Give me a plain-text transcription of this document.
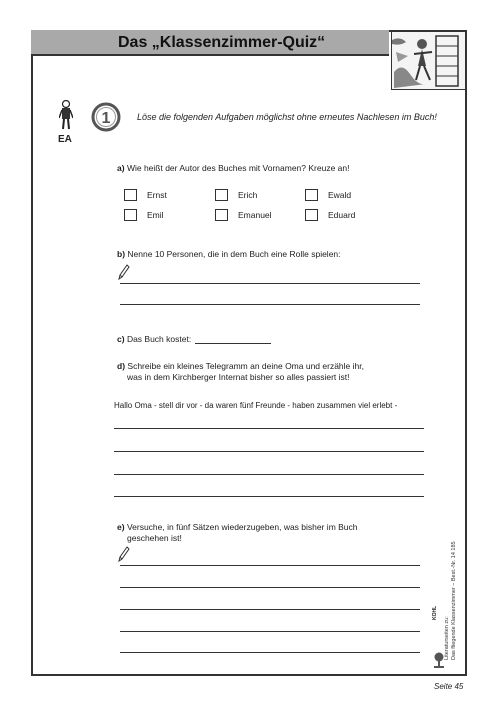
Das „Klassenzimmer-Quiz“
EA
1	Löse die folgenden Aufgaben möglichst ohne erneutes Nachlesen im Buch!
a) Wie heißt der Autor des Buches mit Vornamen? Kreuze an!
Ernst	Erich	Ewald
Emil	Emanuel	Eduard
b) Nenne 10 Personen, die in dem Buch eine Rolle spielen:
c) Das Buch kostet:
d) Schreibe ein kleines Telegramm an deine Oma und erzähle ihr,
was in dem Kirchberger Internat bisher so alles passiert ist!
Hallo Oma - stell dir vor - da waren fünf Freunde - haben zusammen viel erlebt -
e) Versuche, in fünf Sätzen wiederzugeben, was bisher im Buch
geschehen ist!
Literaturseiten zu:
Das fliegende Klassenzimmer – Best.-Nr. 14 185
KOHL
Seite 45
